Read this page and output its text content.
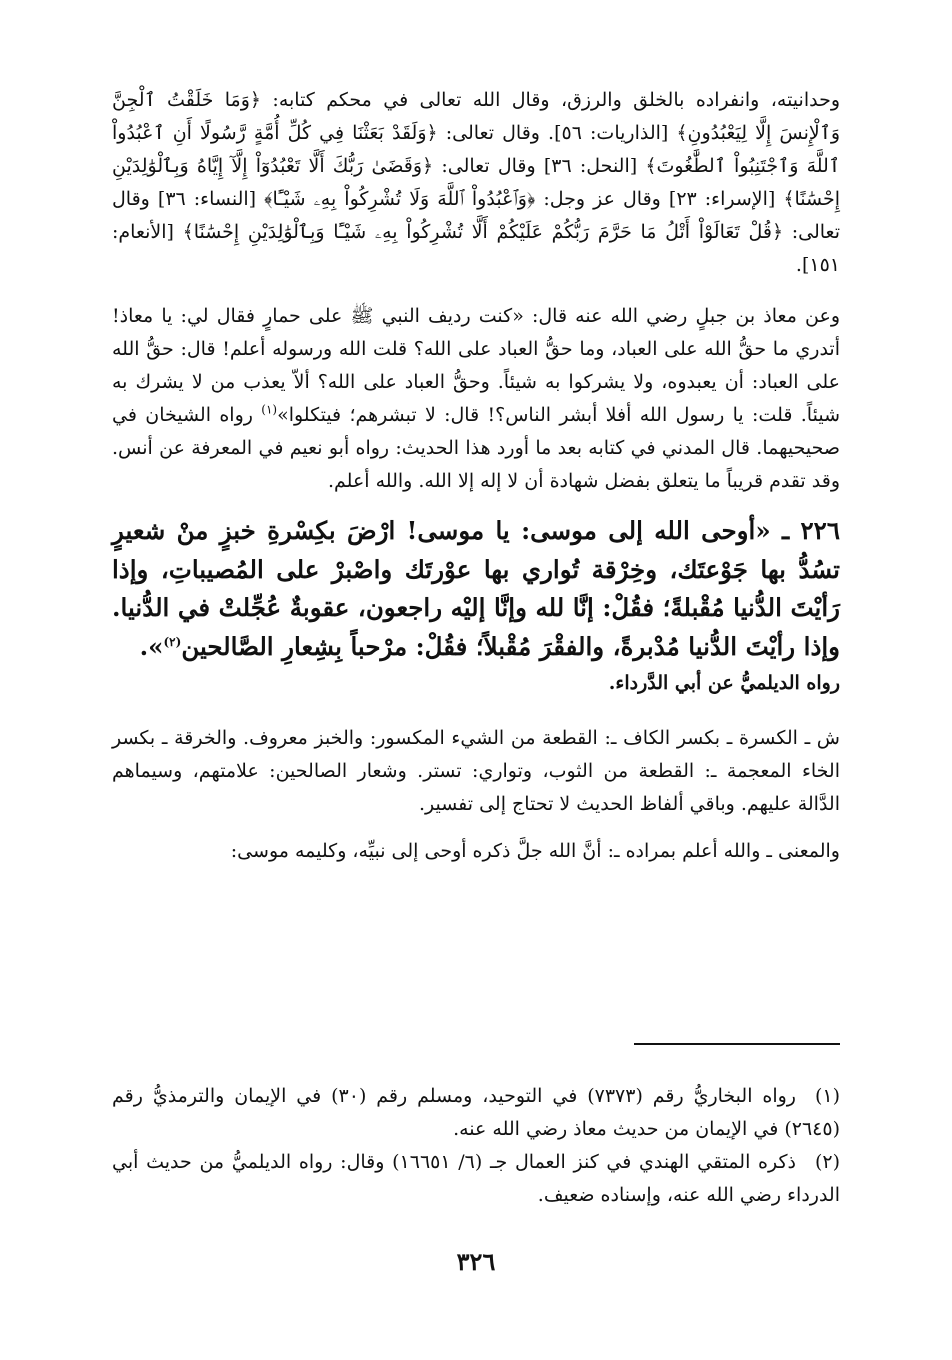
وحدانيته، وانفراده بالخلق والرزق، وقال الله تعالى في محكم كتابه: ﴿وَمَا خَلَقْتُ ٱلْجِنَّ وَٱلْإِنسَ إِلَّا لِيَعْبُدُونِ﴾ [الذاريات: ٥٦]. وقال تعالى: ﴿وَلَقَدْ بَعَثْنَا فِي كُلِّ أُمَّةٍ رَّسُولًا أَنِ ٱعْبُدُواْ ٱللَّهَ وَٱجْتَنِبُواْ ٱلطَّٰغُوتَ﴾ [النحل: ٣٦] وقال تعالى: ﴿وَقَضَىٰ رَبُّكَ أَلَّا تَعْبُدُوٓاْ إِلَّآ إِيَّاهُ وَبِٱلْوَٰلِدَيْنِ إِحْسَٰنًا﴾ [الإسراء: ٢٣] وقال عز وجل: ﴿وَٱعْبُدُواْ ٱللَّهَ وَلَا تُشْرِكُواْ بِهِۦ شَيْـًٔا﴾ [النساء: ٣٦] وقال تعالى: ﴿قُلْ تَعَالَوْاْ أَتْلُ مَا حَرَّمَ رَبُّكُمْ عَلَيْكُمْ أَلَّا تُشْرِكُواْ بِهِۦ شَيْـًٔا وَبِٱلْوَٰلِدَيْنِ إِحْسَٰنًا﴾ [الأنعام: ١٥١].

وعن معاذ بن جبلٍ رضي الله عنه قال: «كنت رديف النبي ﷺ على حمارٍ فقال لي: يا معاذ! أتدري ما حقُّ الله على العباد، وما حقُّ العباد على الله؟ قلت الله ورسوله أعلم! قال: حقُّ الله على العباد: أن يعبدوه، ولا يشركوا به شيئاً. وحقُّ العباد على الله؟ ألاّ يعذب من لا يشرك به شيئاً. قلت: يا رسول الله أفلا أبشر الناس؟! قال: لا تبشرهم؛ فيتكلوا»$^{(١)}$ رواه الشيخان في صحيحيهما. قال المدني في كتابه بعد ما أورد هذا الحديث: رواه أبو نعيم في المعرفة عن أنس. وقد تقدم قريباً ما يتعلق بفضل شهادة أن لا إله إلا الله. والله أعلم.

٢٢٦ ـ «أوحى الله إلى موسى: يا موسى! ارْضَ بكِسْرةِ خبزٍ منْ شعيرٍ تسُدُّ بها جَوْعتَك، وخِرْقة تُواري بها عوْرتَك واصْبرْ على المُصيباتِ، وإذا رَأيْتَ الدُّنيا مُقْبلةً؛ فقُلْ: إنَّا لله وإنَّا إليْه راجعون، عقوبةٌ عُجِّلتْ في الدُّنيا. وإذا رأيْتَ الدُّنيا مُدْبرةً، والفقْرَ مُقْبلاً؛ فقُلْ: مرْحباً بِشِعارِ الصَّالحين$^{(٢)}$».

رواه الديلميُّ عن أبي الدَّرداء.

ش ـ الكسرة ـ بكسر الكاف ـ: القطعة من الشيء المكسور: والخبز معروف. والخرقة ـ بكسر الخاء المعجمة ـ: القطعة من الثوب، وتواري: تستر. وشعار الصالحين: علامتهم، وسيماهم الدَّالة عليهم. وباقي ألفاظ الحديث لا تحتاج إلى تفسير.

والمعنى ـ والله أعلم بمراده ـ: أنَّ الله جلَّ ذكره أوحى إلى نبيِّه، وكليمه موسى:

(١)رواه البخاريُّ رقم (٧٣٧٣) في التوحيد، ومسلم رقم (٣٠) في الإيمان والترمذيُّ رقم (٢٦٤٥) في الإيمان من حديث معاذ رضي الله عنه.

(٢)ذكره المتقي الهندي في كنز العمال جـ (٦/ ١٦٦٥١) وقال: رواه الديلميُّ من حديث أبي الدرداء رضي الله عنه، وإسناده ضعيف.

٣٢٦
